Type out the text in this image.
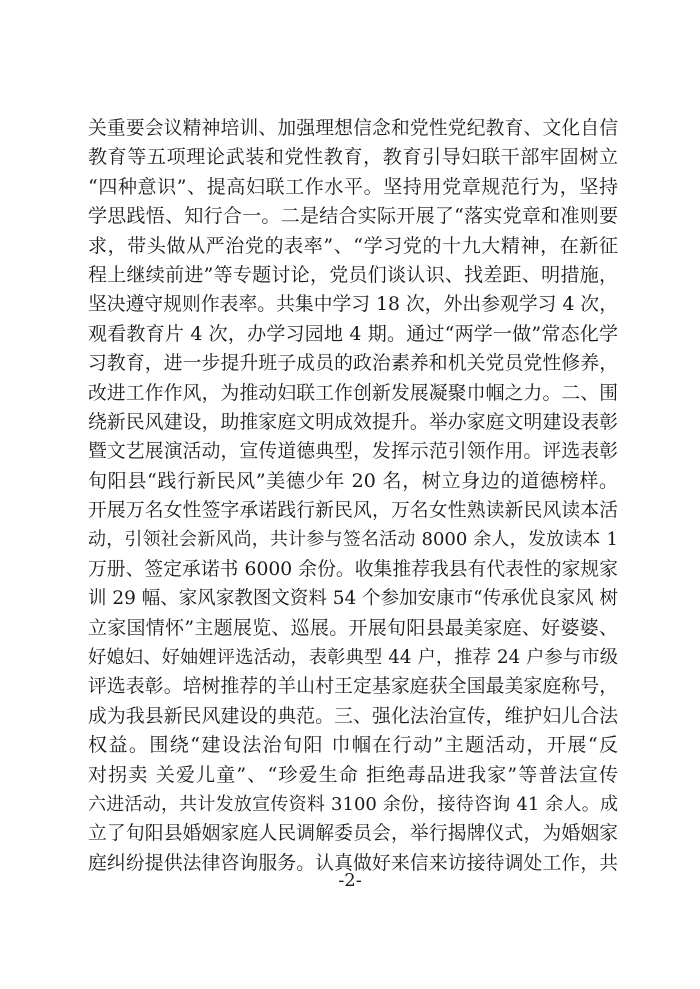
关重要会议精神培训、加强理想信念和党性党纪教育、文化自信
教育等五项理论武装和党性教育，教育引导妇联干部牢固树立
“四种意识”、提高妇联工作水平。坚持用党章规范行为，坚持
学思践悟、知行合一。二是结合实际开展了“落实党章和准则要
求，带头做从严治党的表率”、“学习党的十九大精神，在新征
程上继续前进”等专题讨论，党员们谈认识、找差距、明措施，
坚决遵守规则作表率。共集中学习 18 次，外出参观学习 4 次，
观看教育片 4 次，办学习园地 4 期。通过“两学一做”常态化学
习教育，进一步提升班子成员的政治素养和机关党员党性修养，
改进工作作风，为推动妇联工作创新发展凝聚巾帼之力。二、围
绕新民风建设，助推家庭文明成效提升。举办家庭文明建设表彰
暨文艺展演活动，宣传道德典型，发挥示范引领作用。评选表彰
旬阳县“践行新民风”美德少年 20 名，树立身边的道德榜样。
开展万名女性签字承诺践行新民风，万名女性熟读新民风读本活
动，引领社会新风尚，共计参与签名活动 8000 余人，发放读本 1
万册、签定承诺书 6000 余份。收集推荐我县有代表性的家规家
训 29 幅、家风家教图文资料 54 个参加安康市“传承优良家风 树
立家国情怀”主题展览、巡展。开展旬阳县最美家庭、好婆婆、
好媳妇、好妯娌评选活动，表彰典型 44 户，推荐 24 户参与市级
评选表彰。培树推荐的羊山村王定基家庭获全国最美家庭称号，
成为我县新民风建设的典范。三、强化法治宣传，维护妇儿合法
权益。围绕“建设法治旬阳 巾帼在行动”主题活动，开展“反
对拐卖 关爱儿童”、“珍爱生命 拒绝毒品进我家”等普法宣传
六进活动，共计发放宣传资料 3100 余份，接待咨询 41 余人。成
立了旬阳县婚姻家庭人民调解委员会，举行揭牌仪式，为婚姻家
庭纠纷提供法律咨询服务。认真做好来信来访接待调处工作，共
-2-
